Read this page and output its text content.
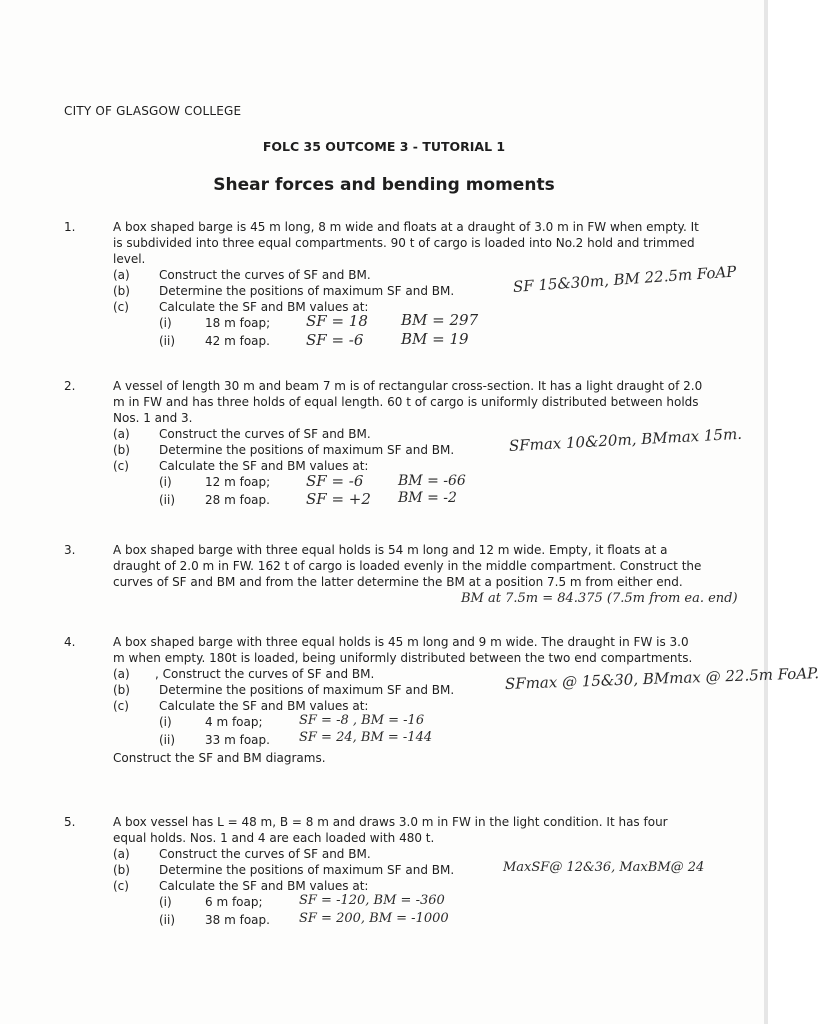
CITY OF GLASGOW COLLEGE
FOLC 35 OUTCOME 3 - TUTORIAL 1
Shear forces and bending moments
1.	A box shaped barge is 45 m long, 8 m wide and floats at a draught of 3.0 m in FW when empty. It is subdivided into three equal compartments. 90 t of cargo is loaded into No.2 hold and trimmed level.

(a) Construct the curves of SF and BM.
(b) Determine the positions of maximum SF and BM.	SF 15&30m, BM 22.5m FoAP
(c)	Calculate the SF and BM values at:
(i)	18 m foap; SF = 18 BM = 297
(ii) 42 m foap. SF = -6	BM = 19
2.	A vessel of length 30 m and beam 7 m is of rectangular cross-section. It has a light draught of 2.0 m in FW and has three holds of equal length. 60 t of cargo is uniformly distributed between holds Nos. 1 and 3.

(a) Construct the curves of SF and BM.
(b) Determine the positions of maximum SF and BM.	SFmax 10&20m, BMmax 15m.
(c)	Calculate the SF and BM values at:
(i)	12 m foap; SF = -6 BM = -66
(ii) 28 m foap. SF = +2 BM = -2
3.	A box shaped barge with three equal holds is 54 m long and 12 m wide. Empty, it floats at a draught of 2.0 m in FW. 162 t of cargo is loaded evenly in the middle compartment. Construct the curves of SF and BM and from the latter determine the BM at a position 7.5 m from either end.

BM at 7.5m = 84.375 (7.5m from ea. end)
4.	A box shaped barge with three equal holds is 45 m long and 9 m wide. The draught in FW is 3.0 m when empty. 180t is loaded, being uniformly distributed between the two end compartments.

(a) , Construct the curves of SF and BM.
(b) Determine the positions of maximum SF and BM.	SFmax @ 15&30, BMmax @ 22.5m FoAP.
(c)	Calculate the SF and BM values at:
(i)	4 m foap;	SF = -8 , BM = -16
(ii) 33 m foap. SF = 24, BM = -144

Construct the SF and BM diagrams.

5.	A box vessel has L = 48 m, B = 8 m and draws 3.0 m in FW in the light condition. It has four equal holds. Nos. 1 and 4 are each loaded with 480 t.

(a) Construct the curves of SF and BM.
(b) Determine the positions of maximum SF and BM.	MaxSF@ 12&36, MaxBM@ 24
(c)	Calculate the SF and BM values at:
(i)	6 m foap;	SF = -120, BM = -360
(ii) 38 m foap. SF = 200, BM = -1000
